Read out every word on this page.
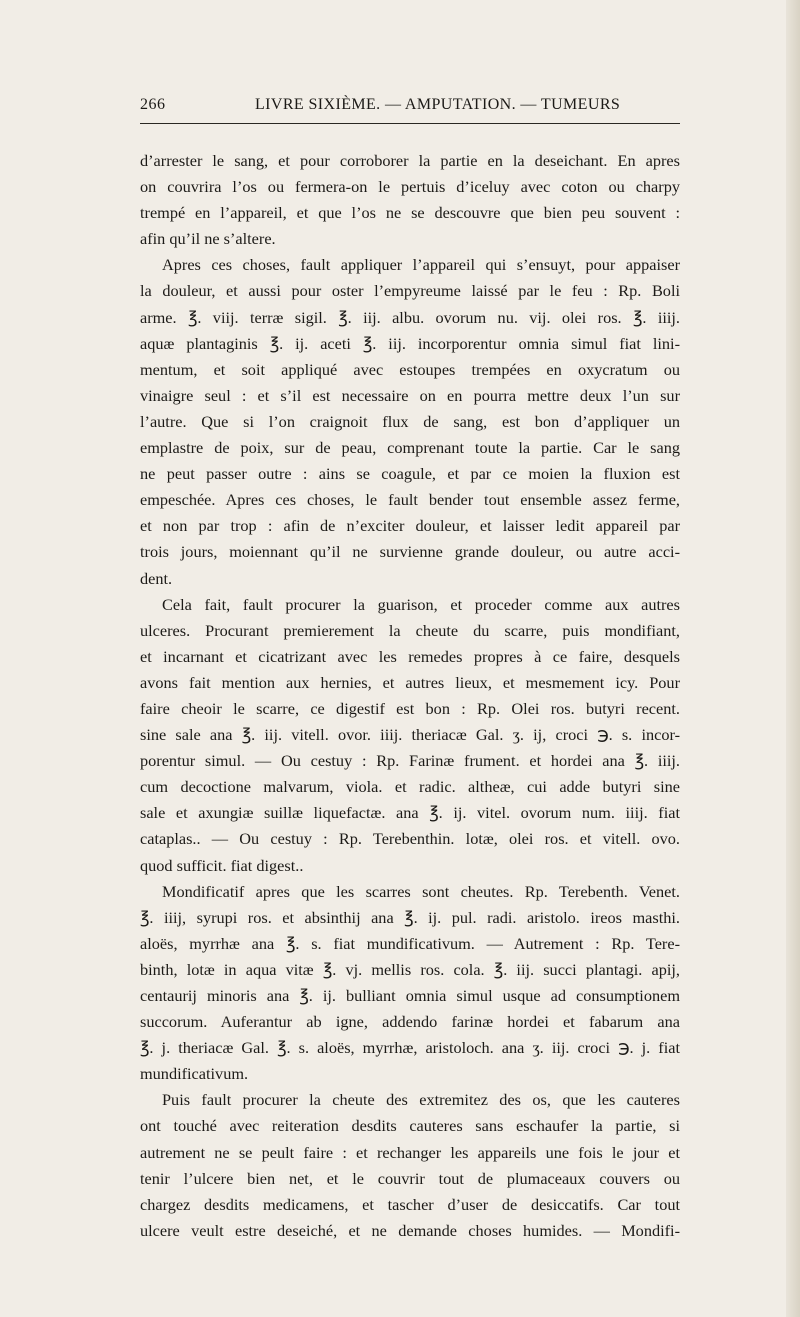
266	LIVRE SIXIÈME. — AMPUTATION. — TUMEURS
d’arrester le sang, et pour corroborer la partie en la deseichant. En apres
on couvrira l’os ou fermera-on le pertuis d’iceluy avec coton ou charpy
trempé en l’appareil, et que l’os ne se descouvre que bien peu souvent :
afin qu’il ne s’altere.
Apres ces choses, fault appliquer l’appareil qui s’ensuyt, pour appaiser
la douleur, et aussi pour oster l’empyreume laissé par le feu : Rp. Boli
arme. ℥. viij. terræ sigil. ℥. iij. albu. ovorum nu. vij. olei ros. ℥. iiij.
aquæ plantaginis ℥. ij. aceti ℥. iij. incorporentur omnia simul fiat lini-
mentum, et soit appliqué avec estoupes trempées en oxycratum ou
vinaigre seul : et s’il est necessaire on en pourra mettre deux l’un sur
l’autre. Que si l’on craignoit flux de sang, est bon d’appliquer un
emplastre de poix, sur de peau, comprenant toute la partie. Car le sang
ne peut passer outre : ains se coagule, et par ce moien la fluxion est
empeschée. Apres ces choses, le fault bender tout ensemble assez ferme,
et non par trop : afin de n’exciter douleur, et laisser ledit appareil par
trois jours, moiennant qu’il ne survienne grande douleur, ou autre acci-
dent.
Cela fait, fault procurer la guarison, et proceder comme aux autres
ulceres. Procurant premierement la cheute du scarre, puis mondifiant,
et incarnant et cicatrizant avec les remedes propres à ce faire, desquels
avons fait mention aux hernies, et autres lieux, et mesmement icy. Pour
faire cheoir le scarre, ce digestif est bon : Rp. Olei ros. butyri recent.
sine sale ana ℥. iij. vitell. ovor. iiij. theriacæ Gal. ʒ. ij, croci ℈. s. incor-
porentur simul. — Ou cestuy : Rp. Farinæ frument. et hordei ana ℥. iiij.
cum decoctione malvarum, viola. et radic. altheæ, cui adde butyri sine
sale et axungiæ suillæ liquefactæ. ana ℥. ij. vitel. ovorum num. iiij. fiat
cataplas.. — Ou cestuy : Rp. Terebenthin. lotæ, olei ros. et vitell. ovo.
quod sufficit. fiat digest..
Mondificatif apres que les scarres sont cheutes. Rp. Terebenth. Venet.
℥. iiij, syrupi ros. et absinthij ana ℥. ij. pul. radi. aristolo. ireos masthi.
aloës, myrrhæ ana ℥. s. fiat mundificativum. — Autrement : Rp. Tere-
binth, lotæ in aqua vitæ ℥. vj. mellis ros. cola. ℥. iij. succi plantagi. apij,
centaurij minoris ana ℥. ij. bulliant omnia simul usque ad consumptionem
succorum. Auferantur ab igne, addendo farinæ hordei et fabarum ana
℥. j. theriacæ Gal. ℥. s. aloës, myrrhæ, aristoloch. ana ʒ. iij. croci ℈. j. fiat
mundificativum.
Puis fault procurer la cheute des extremitez des os, que les cauteres
ont touché avec reiteration desdits cauteres sans eschaufer la partie, si
autrement ne se peult faire : et rechanger les appareils une fois le jour et
tenir l’ulcere bien net, et le couvrir tout de plumaceaux couvers ou
chargez desdits medicamens, et tascher d’user de desiccatifs. Car tout
ulcere veult estre deseiché, et ne demande choses humides. — Mondifi-
